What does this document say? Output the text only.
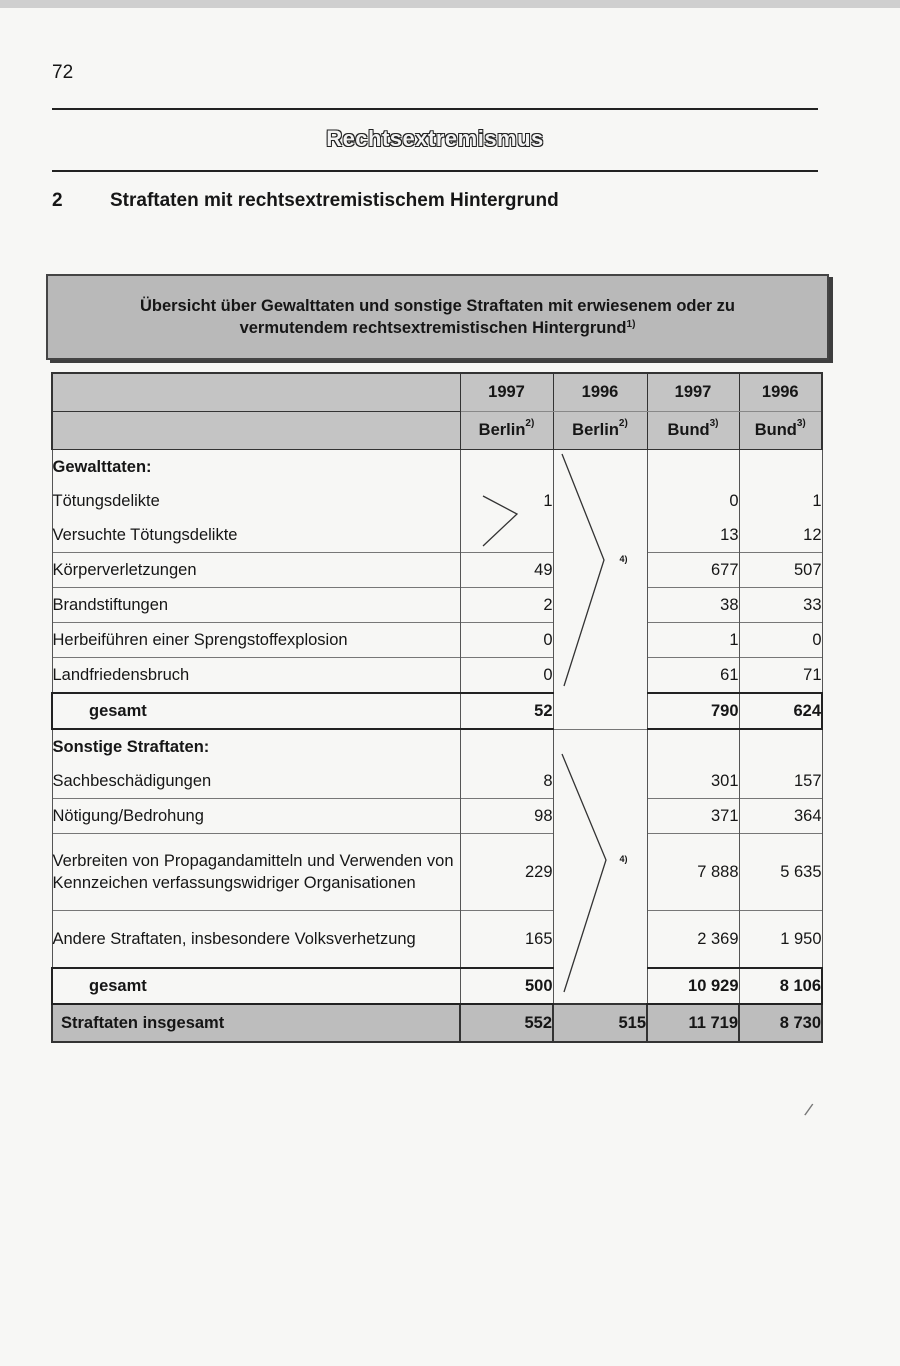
72
Rechtsextremismus
2 Straftaten mit rechtsextremistischem Hintergrund
Übersicht über Gewalttaten und sonstige Straftaten mit erwiesenem oder zu
vermutendem rechtsextremistischen Hintergrund$^{1)}$
	1997	1996	1997	1996
	Berlin$^{2)}$	Berlin$^{2)}$	Bund$^{3)}$	Bund$^{3)}$
Gewalttaten:		4)		

Tötungsdelikte	1		0	1
Versuchte Tötungsdelikte			13	12
Körperverletzungen	49		677	507
Brandstiftungen	2		38	33
Herbeiführen einer Sprengstoffexplosion	0		1	0
Landfriedensbruch	0		61	71
gesamt	52		790	624
Sonstige Straftaten:		4)		

Sachbeschädigungen	8		301	157
Nötigung/Bedrohung	98		371	364

Verbreiten von Propagandamitteln und Verwenden von Kennzeichen verfassungswidriger Organisationen	229		7 888	5 635

Andere Straftaten, insbesondere Volksverhetzung	165		2 369	1 950
gesamt	500		10 929	8 106
Straftaten insgesamt	552	515	11 719	8 730
/
